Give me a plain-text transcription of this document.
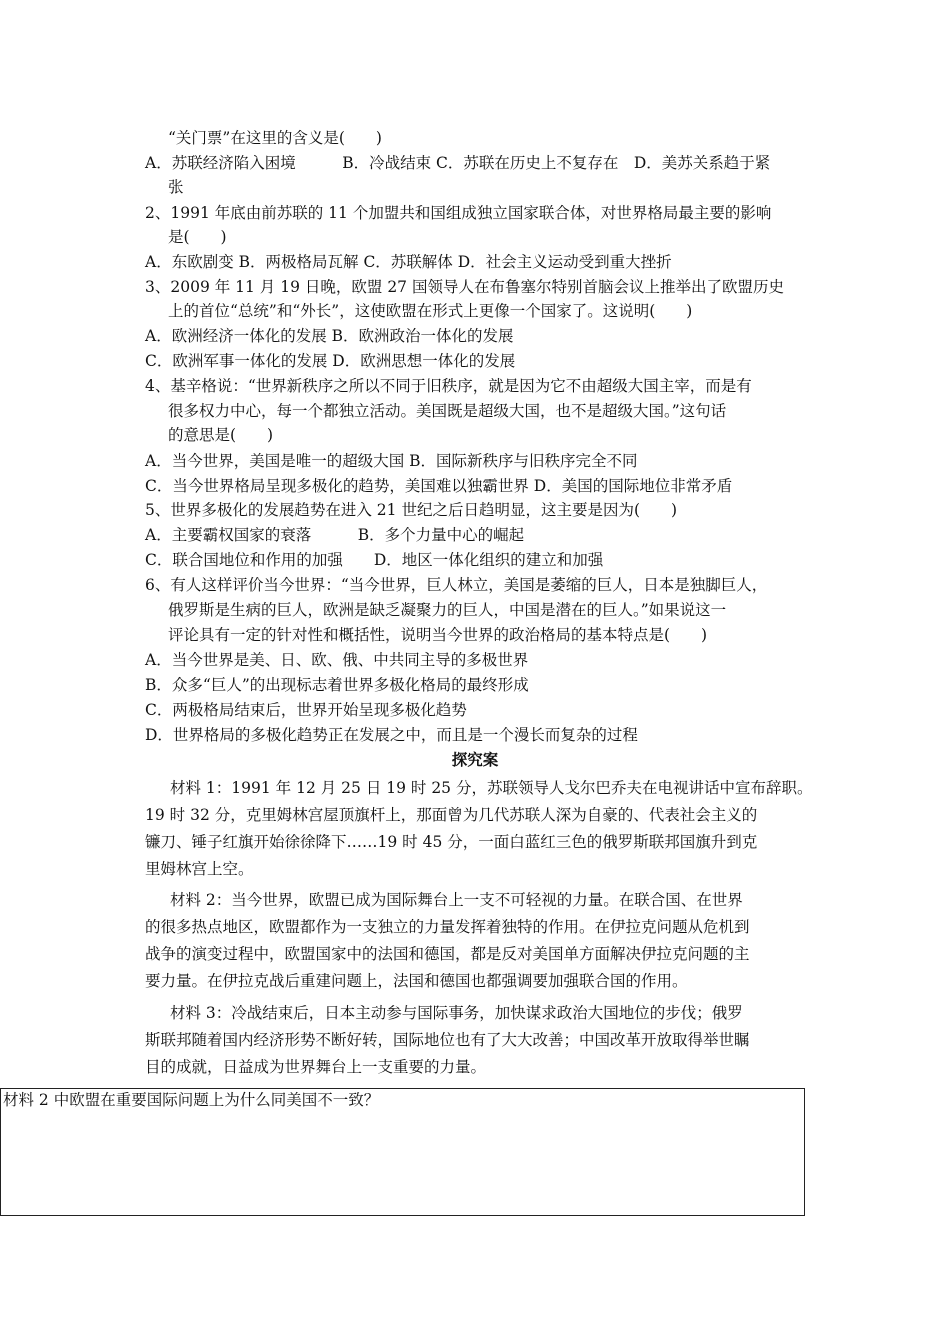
“关门票”在这里的含义是(　　)
A．苏联经济陷入困境　　　B．冷战结束 C．苏联在历史上不复存在　D．美苏关系趋于紧
张
2、1991 年底由前苏联的 11 个加盟共和国组成独立国家联合体，对世界格局最主要的影响
是(　　)
A．东欧剧变 B．两极格局瓦解 C．苏联解体 D．社会主义运动受到重大挫折
3、2009 年 11 月 19 日晚，欧盟 27 国领导人在布鲁塞尔特别首脑会议上推举出了欧盟历史
上的首位“总统”和“外长”，这使欧盟在形式上更像一个国家了。这说明(　　)
A．欧洲经济一体化的发展 B．欧洲政治一体化的发展
C．欧洲军事一体化的发展 D．欧洲思想一体化的发展
4、基辛格说：“世界新秩序之所以不同于旧秩序，就是因为它不由超级大国主宰，而是有
很多权力中心，每一个都独立活动。美国既是超级大国，也不是超级大国。”这句话
的意思是(　　)
A．当今世界，美国是唯一的超级大国 B．国际新秩序与旧秩序完全不同
C．当今世界格局呈现多极化的趋势，美国难以独霸世界 D．美国的国际地位非常矛盾
5、世界多极化的发展趋势在进入 21 世纪之后日趋明显，这主要是因为(　　)
A．主要霸权国家的衰落　　　B．多个力量中心的崛起
C．联合国地位和作用的加强　　D．地区一体化组织的建立和加强
6、有人这样评价当今世界：“当今世界，巨人林立，美国是萎缩的巨人，日本是独脚巨人，
俄罗斯是生病的巨人，欧洲是缺乏凝聚力的巨人，中国是潜在的巨人。”如果说这一
评论具有一定的针对性和概括性，说明当今世界的政治格局的基本特点是(　　)
A．当今世界是美、日、欧、俄、中共同主导的多极世界
B．众多“巨人”的出现标志着世界多极化格局的最终形成
C．两极格局结束后，世界开始呈现多极化趋势
D．世界格局的多极化趋势正在发展之中，而且是一个漫长而复杂的过程
探究案
材料 1：1991 年 12 月 25 日 19 时 25 分，苏联领导人戈尔巴乔夫在电视讲话中宣布辞职。
19 时 32 分，克里姆林宫屋顶旗杆上，那面曾为几代苏联人深为自豪的、代表社会主义的
镰刀、锤子红旗开始徐徐降下……19 时 45 分，一面白蓝红三色的俄罗斯联邦国旗升到克
里姆林宫上空。
材料 2：当今世界，欧盟已成为国际舞台上一支不可轻视的力量。在联合国、在世界
的很多热点地区，欧盟都作为一支独立的力量发挥着独特的作用。在伊拉克问题从危机到
战争的演变过程中，欧盟国家中的法国和德国，都是反对美国单方面解决伊拉克问题的主
要力量。在伊拉克战后重建问题上，法国和德国也都强调要加强联合国的作用。
材料 3：冷战结束后，日本主动参与国际事务，加快谋求政治大国地位的步伐；俄罗
斯联邦随着国内经济形势不断好转，国际地位也有了大大改善；中国改革开放取得举世瞩
目的成就，日益成为世界舞台上一支重要的力量。
材料 2 中欧盟在重要国际问题上为什么同美国不一致？
